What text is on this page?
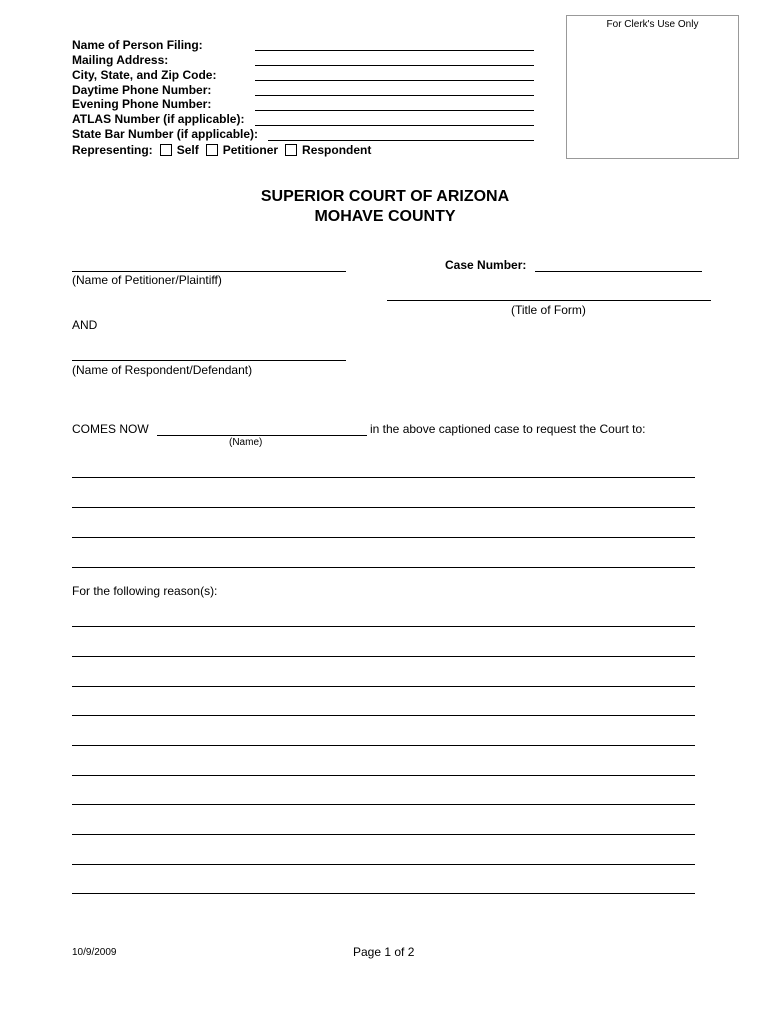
For Clerk's Use Only
Name of Person Filing:
Mailing Address:
City, State, and Zip Code:
Daytime Phone Number:
Evening Phone Number:
ATLAS Number (if applicable):
State Bar Number (if applicable):
Representing: Self Petitioner Respondent
SUPERIOR COURT OF ARIZONA
MOHAVE COUNTY
(Name of Petitioner/Plaintiff)
Case Number:
(Title of Form)
AND
(Name of Respondent/Defendant)
COMES NOW	in the above captioned case to request the Court to:
(Name)
For the following reason(s):
10/9/2009	Page 1 of 2
